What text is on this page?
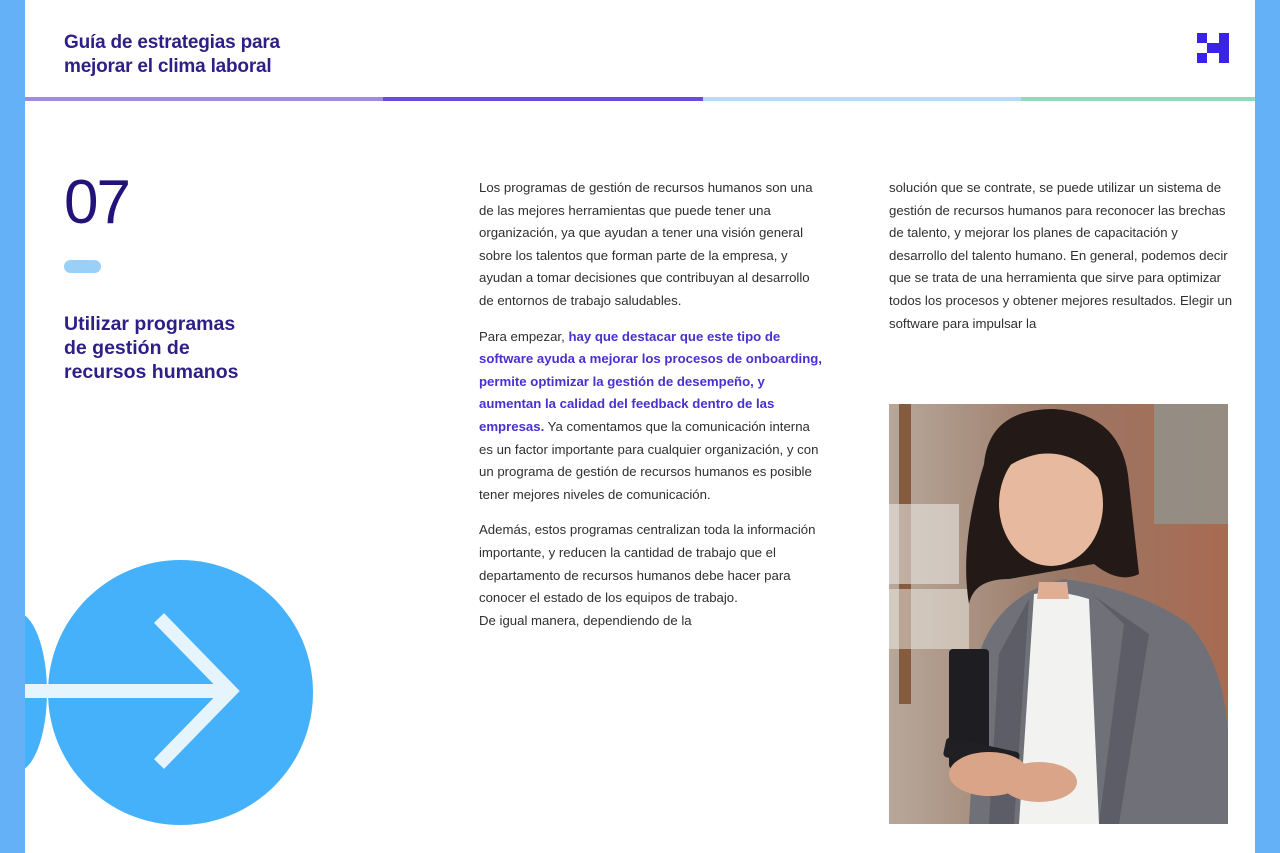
Guía de estrategias para
mejorar el clima laboral
07
Utilizar programas
de gestión de
recursos humanos

Los programas de gestión de recursos humanos son una de las mejores herramientas que puede tener una organización, ya que ayudan a tener una visión general sobre los talentos que forman parte de la empresa, y ayudan a tomar decisiones que contribuyan al desarrollo de entornos de trabajo saludables.

Para empezar, hay que destacar que este tipo de software ayuda a mejorar los procesos de onboarding, permite optimizar la gestión de desempeño, y aumentan la calidad del feedback dentro de las empresas. Ya comentamos que la comunicación interna es un factor importante para cualquier organización, y con un programa de gestión de recursos humanos es posible tener mejores niveles de comunicación.

Además, estos programas centralizan toda la información importante, y reducen la cantidad de trabajo que el departamento de recursos humanos debe hacer para conocer el estado de los equipos de trabajo.
De igual manera, dependiendo de la

solución que se contrate, se puede utilizar un sistema de gestión de recursos humanos para reconocer las brechas de talento, y mejorar los planes de capacitación y desarrollo del talento humano. En general, podemos decir que se trata de una herramienta que sirve para optimizar todos los procesos y obtener mejores resultados. Elegir un software para impulsar la
